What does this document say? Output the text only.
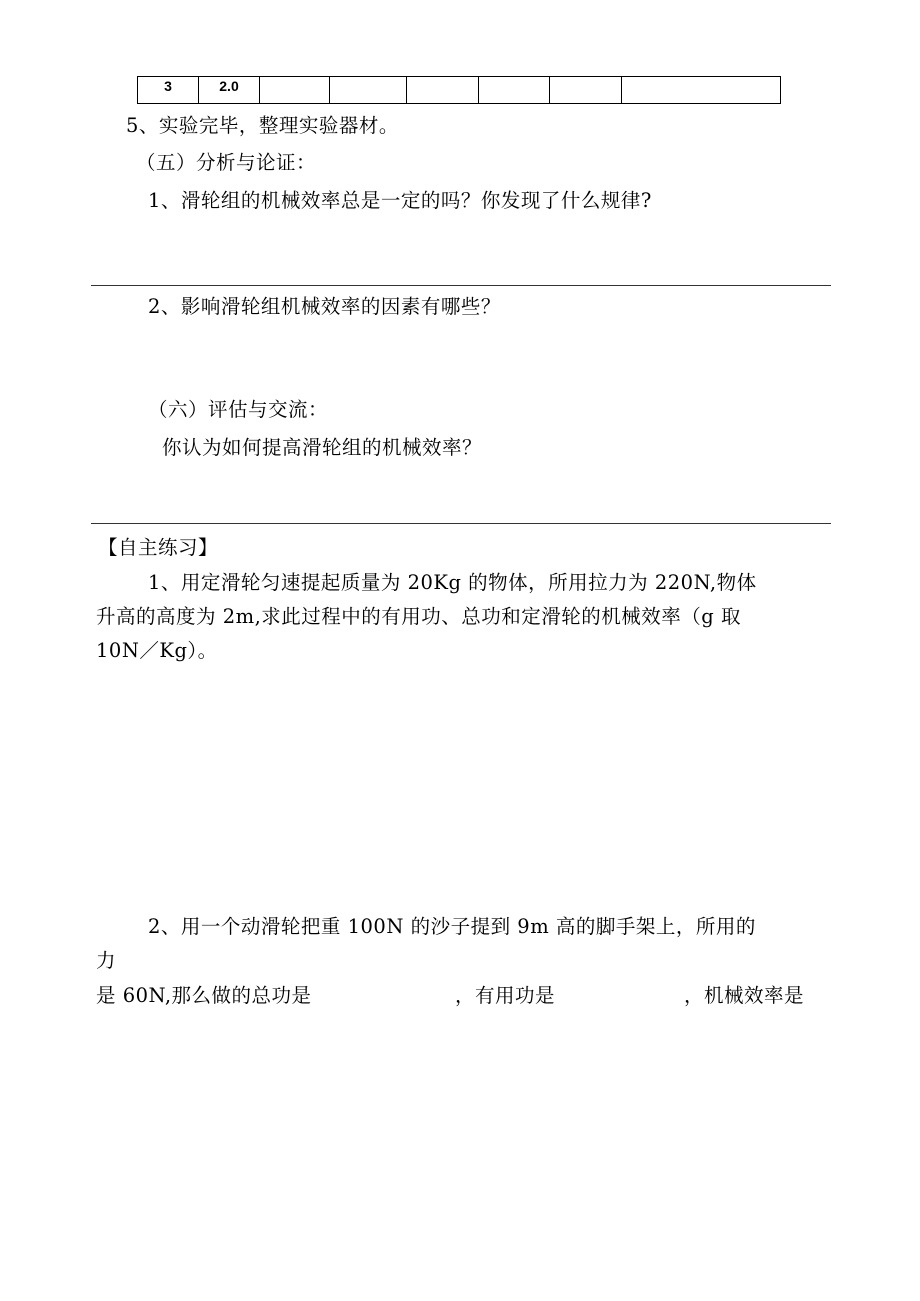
3	2.0						
5、实验完毕，整理实验器材。
（五）分析与论证：
1、滑轮组的机械效率总是一定的吗？你发现了什么规律?
2、影响滑轮组机械效率的因素有哪些？
（六）评估与交流：
你认为如何提高滑轮组的机械效率？
【自主练习】
1、用定滑轮匀速提起质量为 20Kg 的物体，所用拉力为 220N,物体
升高的高度为 2m,求此过程中的有用功、总功和定滑轮的机械效率（g 取
10N／Kg）。
2、用一个动滑轮把重 100N 的沙子提到 9m 高的脚手架上，所用的
力
是 60N,那么做的总功是	，有用功是	，机械效率是
